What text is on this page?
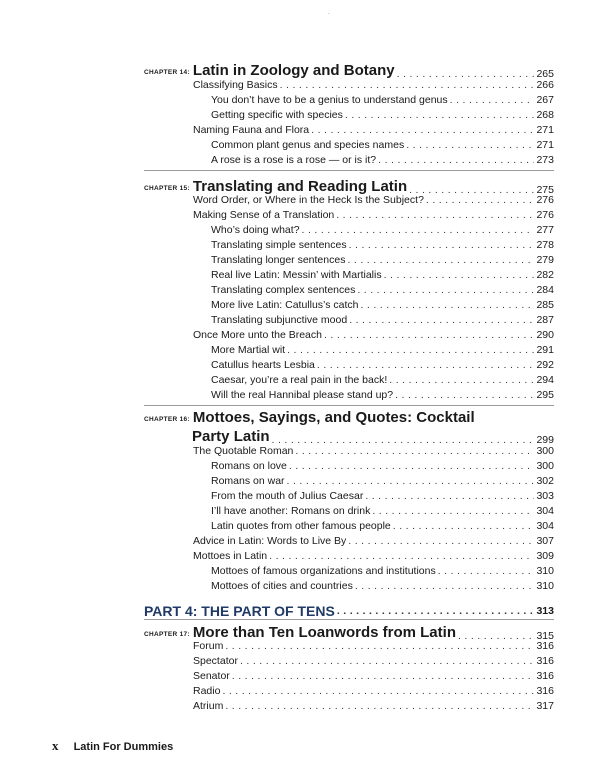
.
CHAPTER 14: Latin in Zoology and Botany . . .	265
Classifying Basics . . .	266
You don’t have to be a genius to understand genus . . .	267
Getting specific with species . . .	268
Naming Fauna and Flora . . .	271
Common plant genus and species names . . .	271
A rose is a rose is a rose — or is it? . . .	273
CHAPTER 15: Translating and Reading Latin . . .	275
Word Order, or Where in the Heck Is the Subject? . . .	276
Making Sense of a Translation . . .	276
Who’s doing what? . . .	277
Translating simple sentences . . .	278
Translating longer sentences . . .	279
Real live Latin: Messin’ with Martialis . . .	282
Translating complex sentences . . .	284
More live Latin: Catullus’s catch . . .	285
Translating subjunctive mood . . .	287
Once More unto the Breach . . .	290
More Martial wit . . .	291
Catullus hearts Lesbia . . .	292
Caesar, you’re a real pain in the back! . . .	294
Will the real Hannibal please stand up? . . .	295
CHAPTER 16: Mottoes, Sayings, and Quotes: Cocktail
Party Latin . . .	299
The Quotable Roman . . .	300
Romans on love . . .	300
Romans on war . . .	302
From the mouth of Julius Caesar . . .	303
I’ll have another: Romans on drink . . .	304
Latin quotes from other famous people . . .	304
Advice in Latin: Words to Live By . . .	307
Mottoes in Latin . . .	309
Mottoes of famous organizations and institutions . . .	310
Mottoes of cities and countries . . .	310
PART 4: THE PART OF TENS . . .	313
CHAPTER 17: More than Ten Loanwords from Latin . . .	315
Forum . . .	316
Spectator . . .	316
Senator . . .	316
Radio . . .	316
Atrium . . .	317
x Latin For Dummies
